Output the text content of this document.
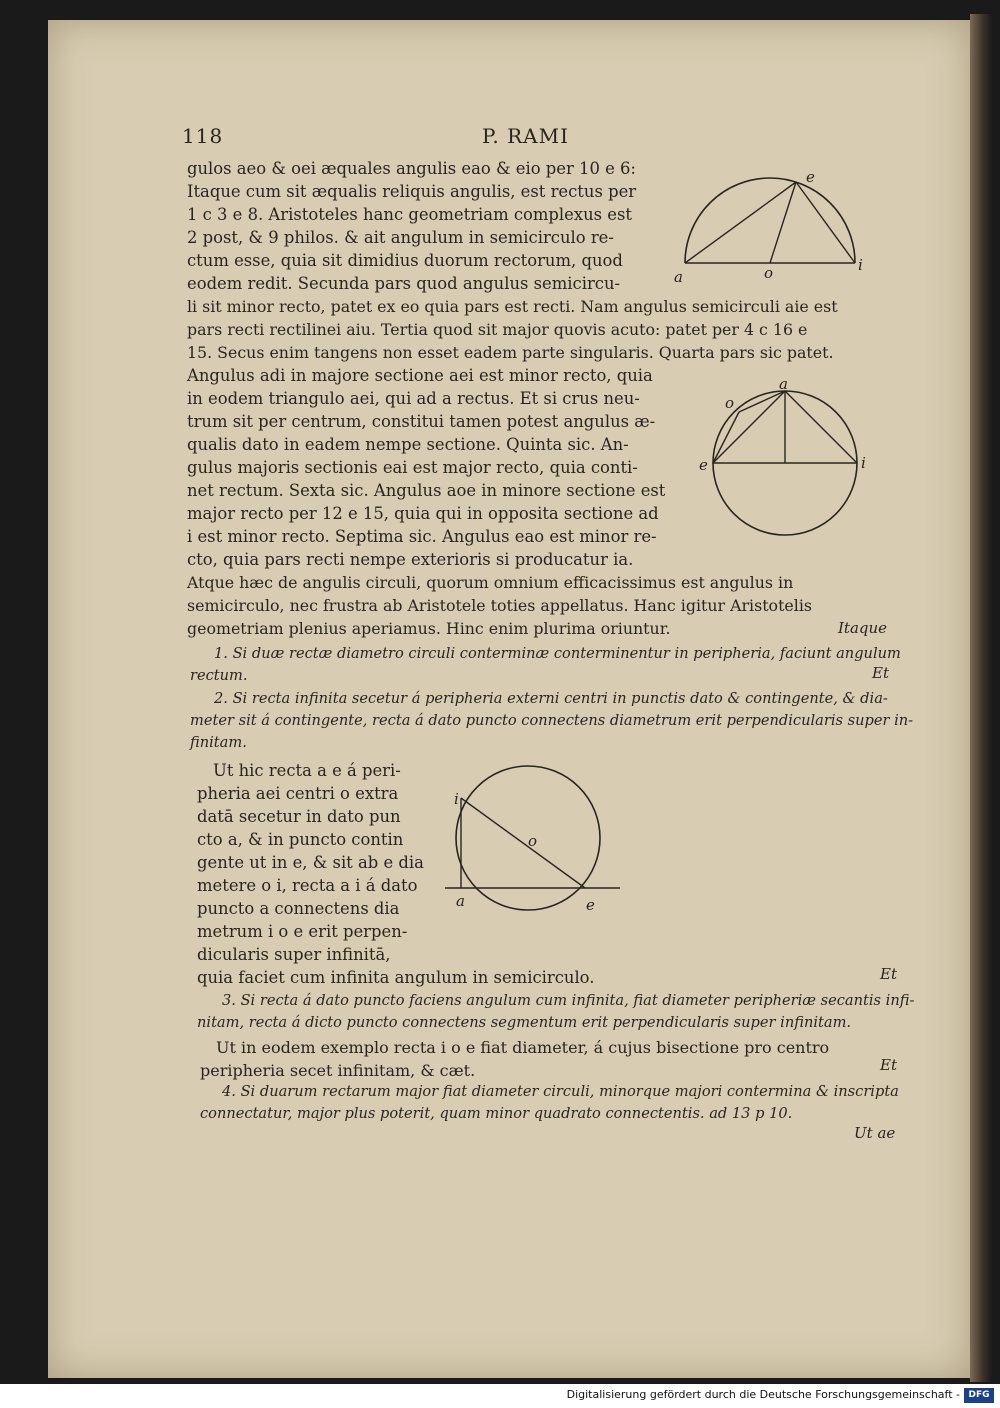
118	P. RAMI
gulos aeo & oei æquales angulis eao & eio per 10 e 6:
Itaque cum sit æqualis reliquis angulis, est rectus per
1 c 3 e 8. Aristoteles hanc geometriam complexus est
2 post, & 9 philos. & ait angulum in semicirculo re-
ctum esse, quia sit dimidius duorum rectorum, quod
eodem redit. Secunda pars quod angulus semicircu-
li sit minor recto, patet ex eo quia pars est recti. Nam angulus semicirculi aie est
pars recti rectilinei aiu. Tertia quod sit major quovis acuto: patet per 4 c 16 e
15. Secus enim tangens non esset eadem parte singularis. Quarta pars sic patet.
Angulus adi in majore sectione aei est minor recto, quia
in eodem triangulo aei, qui ad a rectus. Et si crus neu-
trum sit per centrum, constitui tamen potest angulus æ-
qualis dato in eadem nempe sectione. Quinta sic. An-
gulus majoris sectionis eai est major recto, quia conti-
net rectum. Sexta sic. Angulus aoe in minore sectione est
major recto per 12 e 15, quia qui in opposita sectione ad
i est minor recto. Septima sic. Angulus eao est minor re-
cto, quia pars recti nempe exterioris si producatur ia.
Atque hæc de angulis circuli, quorum omnium efficacissimus est angulus in
semicirculo, nec frustra ab Aristotele toties appellatus. Hanc igitur Aristotelis
geometriam plenius aperiamus. Hinc enim plurima oriuntur.	Itaque
1. Si duæ rectæ diametro circuli conterminæ conterminentur in peripheria, faciunt angulum
rectum.	Et
2. Si recta infinita secetur á peripheria externi centri in punctis dato & contingente, & dia-
meter sit á contingente, recta á dato puncto connectens diametrum erit perpendicularis super in-
finitam.
Ut hic recta a e á peri-
pheria aei centri o extra
datā secetur in dato pun
cto a, & in puncto contin
gente ut in e, & sit ab e dia
metere o i, recta a i á dato
puncto a connectens dia
metrum i o e erit perpen-
dicularis super infinitā,
quia faciet cum infinita angulum in semicirculo.	Et
3. Si recta á dato puncto faciens angulum cum infinita, fiat diameter peripheriæ secantis infi-
nitam, recta á dicto puncto connectens segmentum erit perpendicularis super infinitam.
Ut in eodem exemplo recta i o e fiat diameter, á cujus bisectione pro centro
peripheria secet infinitam, & cæt.	Et
4. Si duarum rectarum major fiat diameter circuli, minorque majori contermina & inscripta
connectatur, major plus poterit, quam minor quadrato connectentis. ad 13 p 10.
Ut ae
e
a	o	i
a
o
e	i
i
o
a	e
Digitalisierung gefördert durch die Deutsche Forschungsgemeinschaft - DFG
